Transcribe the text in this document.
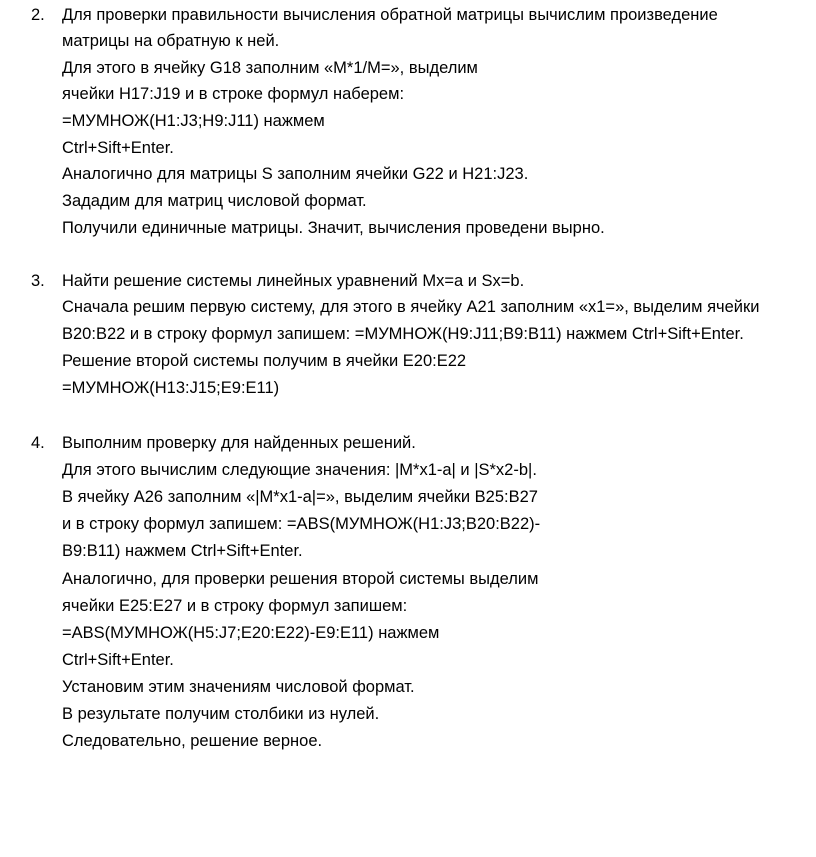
2. Для проверки правильности вычисления обратной матрицы вычислим произведение
матрицы на обратную к ней.
Для этого в ячейку G18 заполним «М*1/М=», выделим
ячейки H17:J19 и в строке формул наберем:
=МУМНОЖ(H1:J3;H9:J11) нажмем
Ctrl+Sift+Enter.
Аналогично для матрицы S заполним ячейки G22 и H21:J23.
Зададим для матриц числовой формат.
Получили единичные матрицы. Значит, вычисления проведени вырно.
3. Найти решение системы линейных уравнений Mx=a и Sx=b.
Сначала решим первую систему, для этого в ячейку А21 заполним «x1=», выделим ячейки
B20:B22 и в строку формул запишем: =МУМНОЖ(H9:J11;B9:B11) нажмем Ctrl+Sift+Enter.
Решение второй системы получим в ячейки E20:E22
=МУМНОЖ(H13:J15;E9:E11)
4. Выполним проверку для найденных решений.
Для этого вычислим следующие значения: |M*x1-a| и |S*x2-b|.
В ячейку А26 заполним «|M*x1-a|=», выделим ячейки B25:B27
и в строку формул запишем: =ABS(МУМНОЖ(H1:J3;B20:B22)-
B9:B11) нажмем Ctrl+Sift+Enter.
Аналогично, для проверки решения второй системы выделим
ячейки E25:E27 и в строку формул запишем:
=ABS(МУМНОЖ(H5:J7;E20:E22)-E9:E11) нажмем
Ctrl+Sift+Enter.
Установим этим значениям числовой формат.
В результате получим столбики из нулей.
Следовательно, решение верное.
